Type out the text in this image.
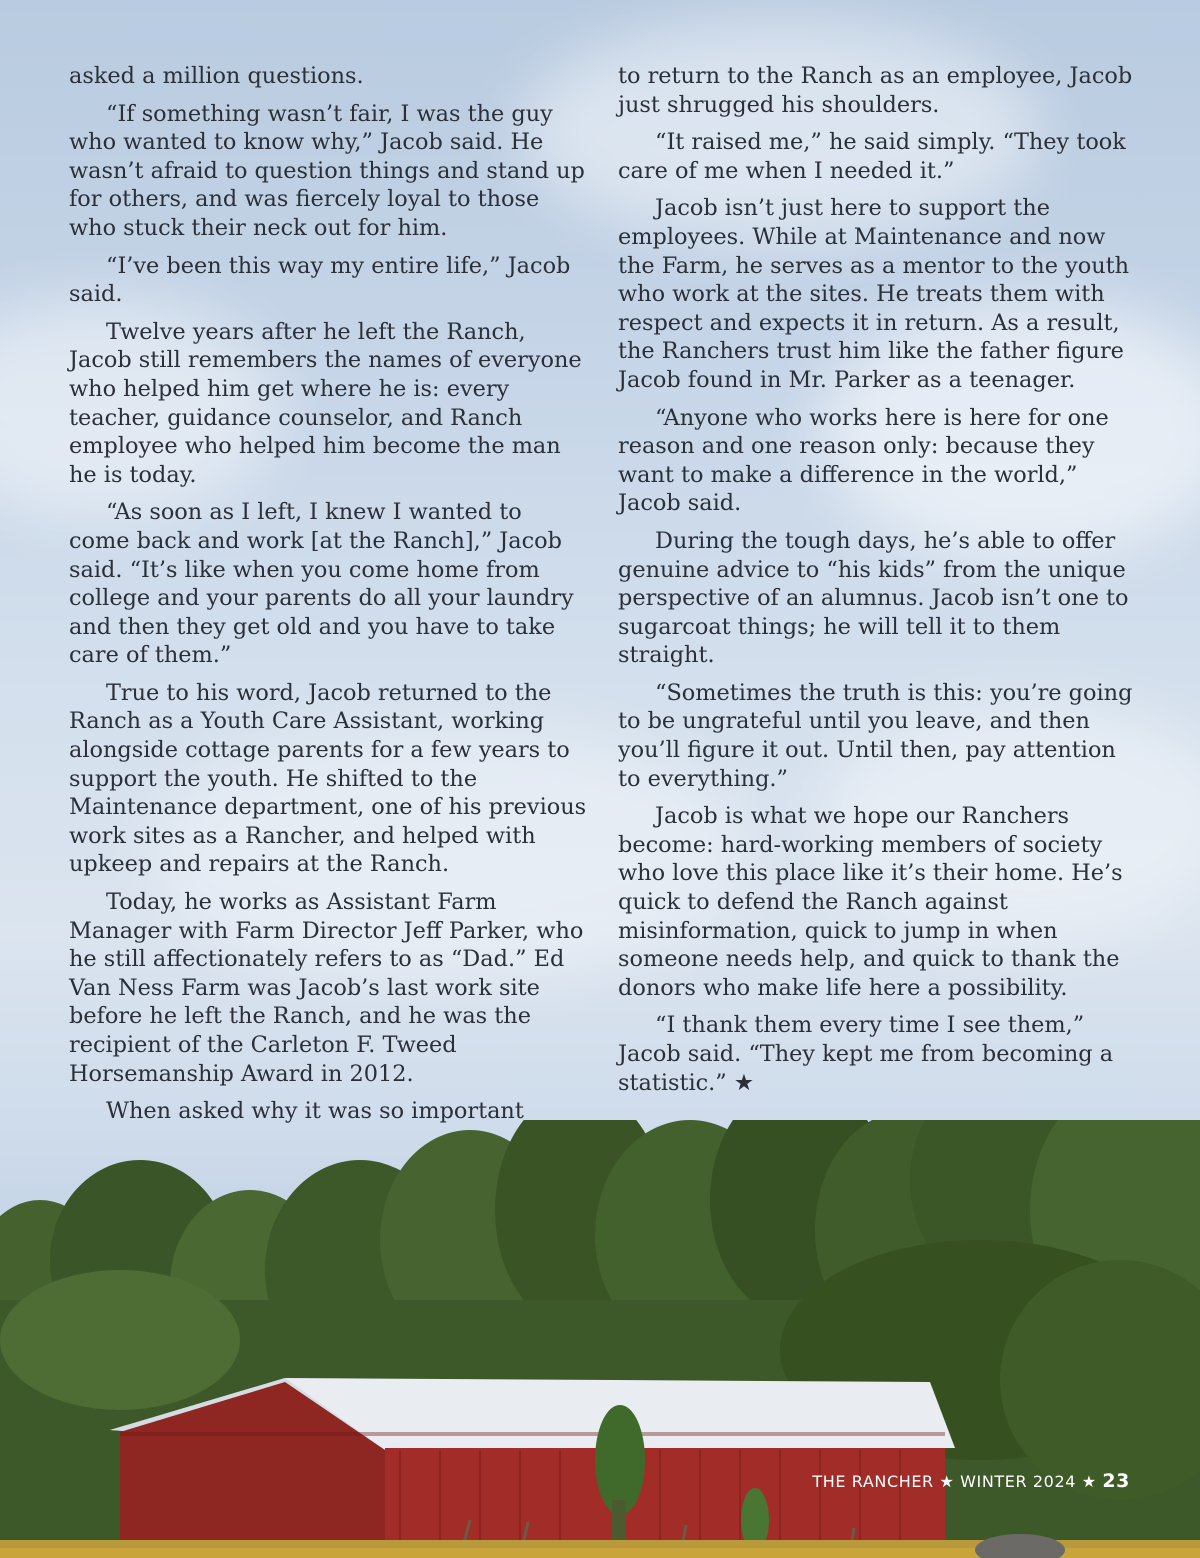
asked a million questions.

“If something wasn’t fair, I was the guy who wanted to know why,” Jacob said. He wasn’t afraid to question things and stand up for others, and was fiercely loyal to those who stuck their neck out for him.

“I’ve been this way my entire life,” Jacob said.

Twelve years after he left the Ranch, Jacob still remembers the names of everyone who helped him get where he is: every teacher, guidance counselor, and Ranch employee who helped him become the man he is today.

“As soon as I left, I knew I wanted to come back and work [at the Ranch],” Jacob said. “It’s like when you come home from college and your parents do all your laundry and then they get old and you have to take care of them.”

True to his word, Jacob returned to the Ranch as a Youth Care Assistant, working alongside cottage parents for a few years to support the youth. He shifted to the Maintenance department, one of his previous work sites as a Rancher, and helped with upkeep and repairs at the Ranch.

Today, he works as Assistant Farm Manager with Farm Director Jeff Parker, who he still affectionately refers to as “Dad.” Ed Van Ness Farm was Jacob’s last work site before he left the Ranch, and he was the recipient of the Carleton F. Tweed Horsemanship Award in 2012.

When asked why it was so important

to return to the Ranch as an employee, Jacob just shrugged his shoulders.

“It raised me,” he said simply. “They took care of me when I needed it.”

Jacob isn’t just here to support the employees. While at Maintenance and now the Farm, he serves as a mentor to the youth who work at the sites. He treats them with respect and expects it in return. As a result, the Ranchers trust him like the father figure Jacob found in Mr. Parker as a teenager.

“Anyone who works here is here for one reason and one reason only: because they want to make a difference in the world,” Jacob said.

During the tough days, he’s able to offer genuine advice to “his kids” from the unique perspective of an alumnus. Jacob isn’t one to sugarcoat things; he will tell it to them straight.

“Sometimes the truth is this: you’re going to be ungrateful until you leave, and then you’ll figure it out. Until then, pay attention to everything.”

Jacob is what we hope our Ranchers become: hard-working members of society who love this place like it’s their home. He’s quick to defend the Ranch against misinformation, quick to jump in when someone needs help, and quick to thank the donors who make life here a possibility.

“I thank them every time I see them,” Jacob said. “They kept me from becoming a statistic.” ★

THE RANCHER ★ WINTER 2024 ★ 23
